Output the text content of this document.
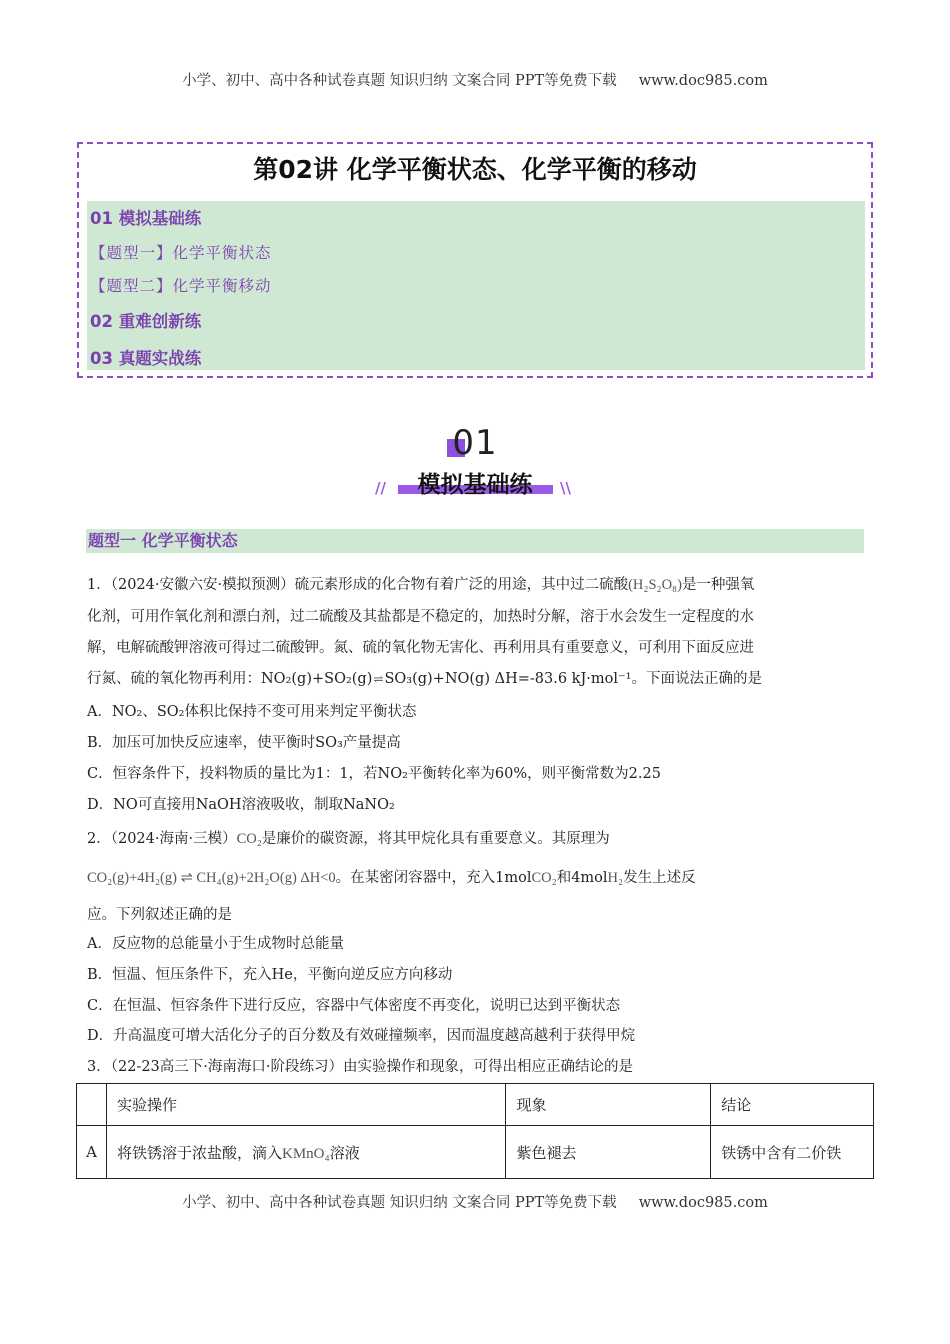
小学、初中、高中各种试卷真题 知识归纳 文案合同 PPT等免费下载 www.doc985.com
第02讲 化学平衡状态、化学平衡的移动
01 模拟基础练
【题型一】化学平衡状态
【题型二】化学平衡移动
02 重难创新练
03 真题实战练
01
模拟基础练
//	\\
题型一 化学平衡状态
1．（2024·安徽六安·模拟预测）硫元素形成的化合物有着广泛的用途，其中过二硫酸(H₂S₂O₈)是一种强氧
化剂，可用作氧化剂和漂白剂，过二硫酸及其盐都是不稳定的，加热时分解，溶于水会发生一定程度的水
解，电解硫酸钾溶液可得过二硫酸钾。氮、硫的氧化物无害化、再利用具有重要意义，可利用下面反应进
行氮、硫的氧化物再利用：NO₂(g)+SO₂(g)⇌SO₃(g)+NO(g) ΔH=-83.6 kJ·mol⁻¹。下面说法正确的是
A．NO₂、SO₂体积比保持不变可用来判定平衡状态
B．加压可加快反应速率，使平衡时SO₃产量提高
C．恒容条件下，投料物质的量比为1：1，若NO₂平衡转化率为60%，则平衡常数为2.25
D．NO可直接用NaOH溶液吸收，制取NaNO₂
2．（2024·海南·三模）CO₂是廉价的碳资源，将其甲烷化具有重要意义。其原理为
CO₂(g)+4H₂(g) ⇌ CH₄(g)+2H₂O(g) ΔH<0。在某密闭容器中，充入1molCO₂和4molH₂发生上述反
应。下列叙述正确的是
A．反应物的总能量小于生成物时总能量
B．恒温、恒压条件下，充入He，平衡向逆反应方向移动
C．在恒温、恒容条件下进行反应，容器中气体密度不再变化，说明已达到平衡状态
D．升高温度可增大活化分子的百分数及有效碰撞频率，因而温度越高越利于获得甲烷
3．（22-23高三下·海南海口·阶段练习）由实验操作和现象，可得出相应正确结论的是
	实验操作	现象	结论
A	将铁锈溶于浓盐酸，滴入KMnO₄溶液	紫色褪去	铁锈中含有二价铁
小学、初中、高中各种试卷真题 知识归纳 文案合同 PPT等免费下载 www.doc985.com
